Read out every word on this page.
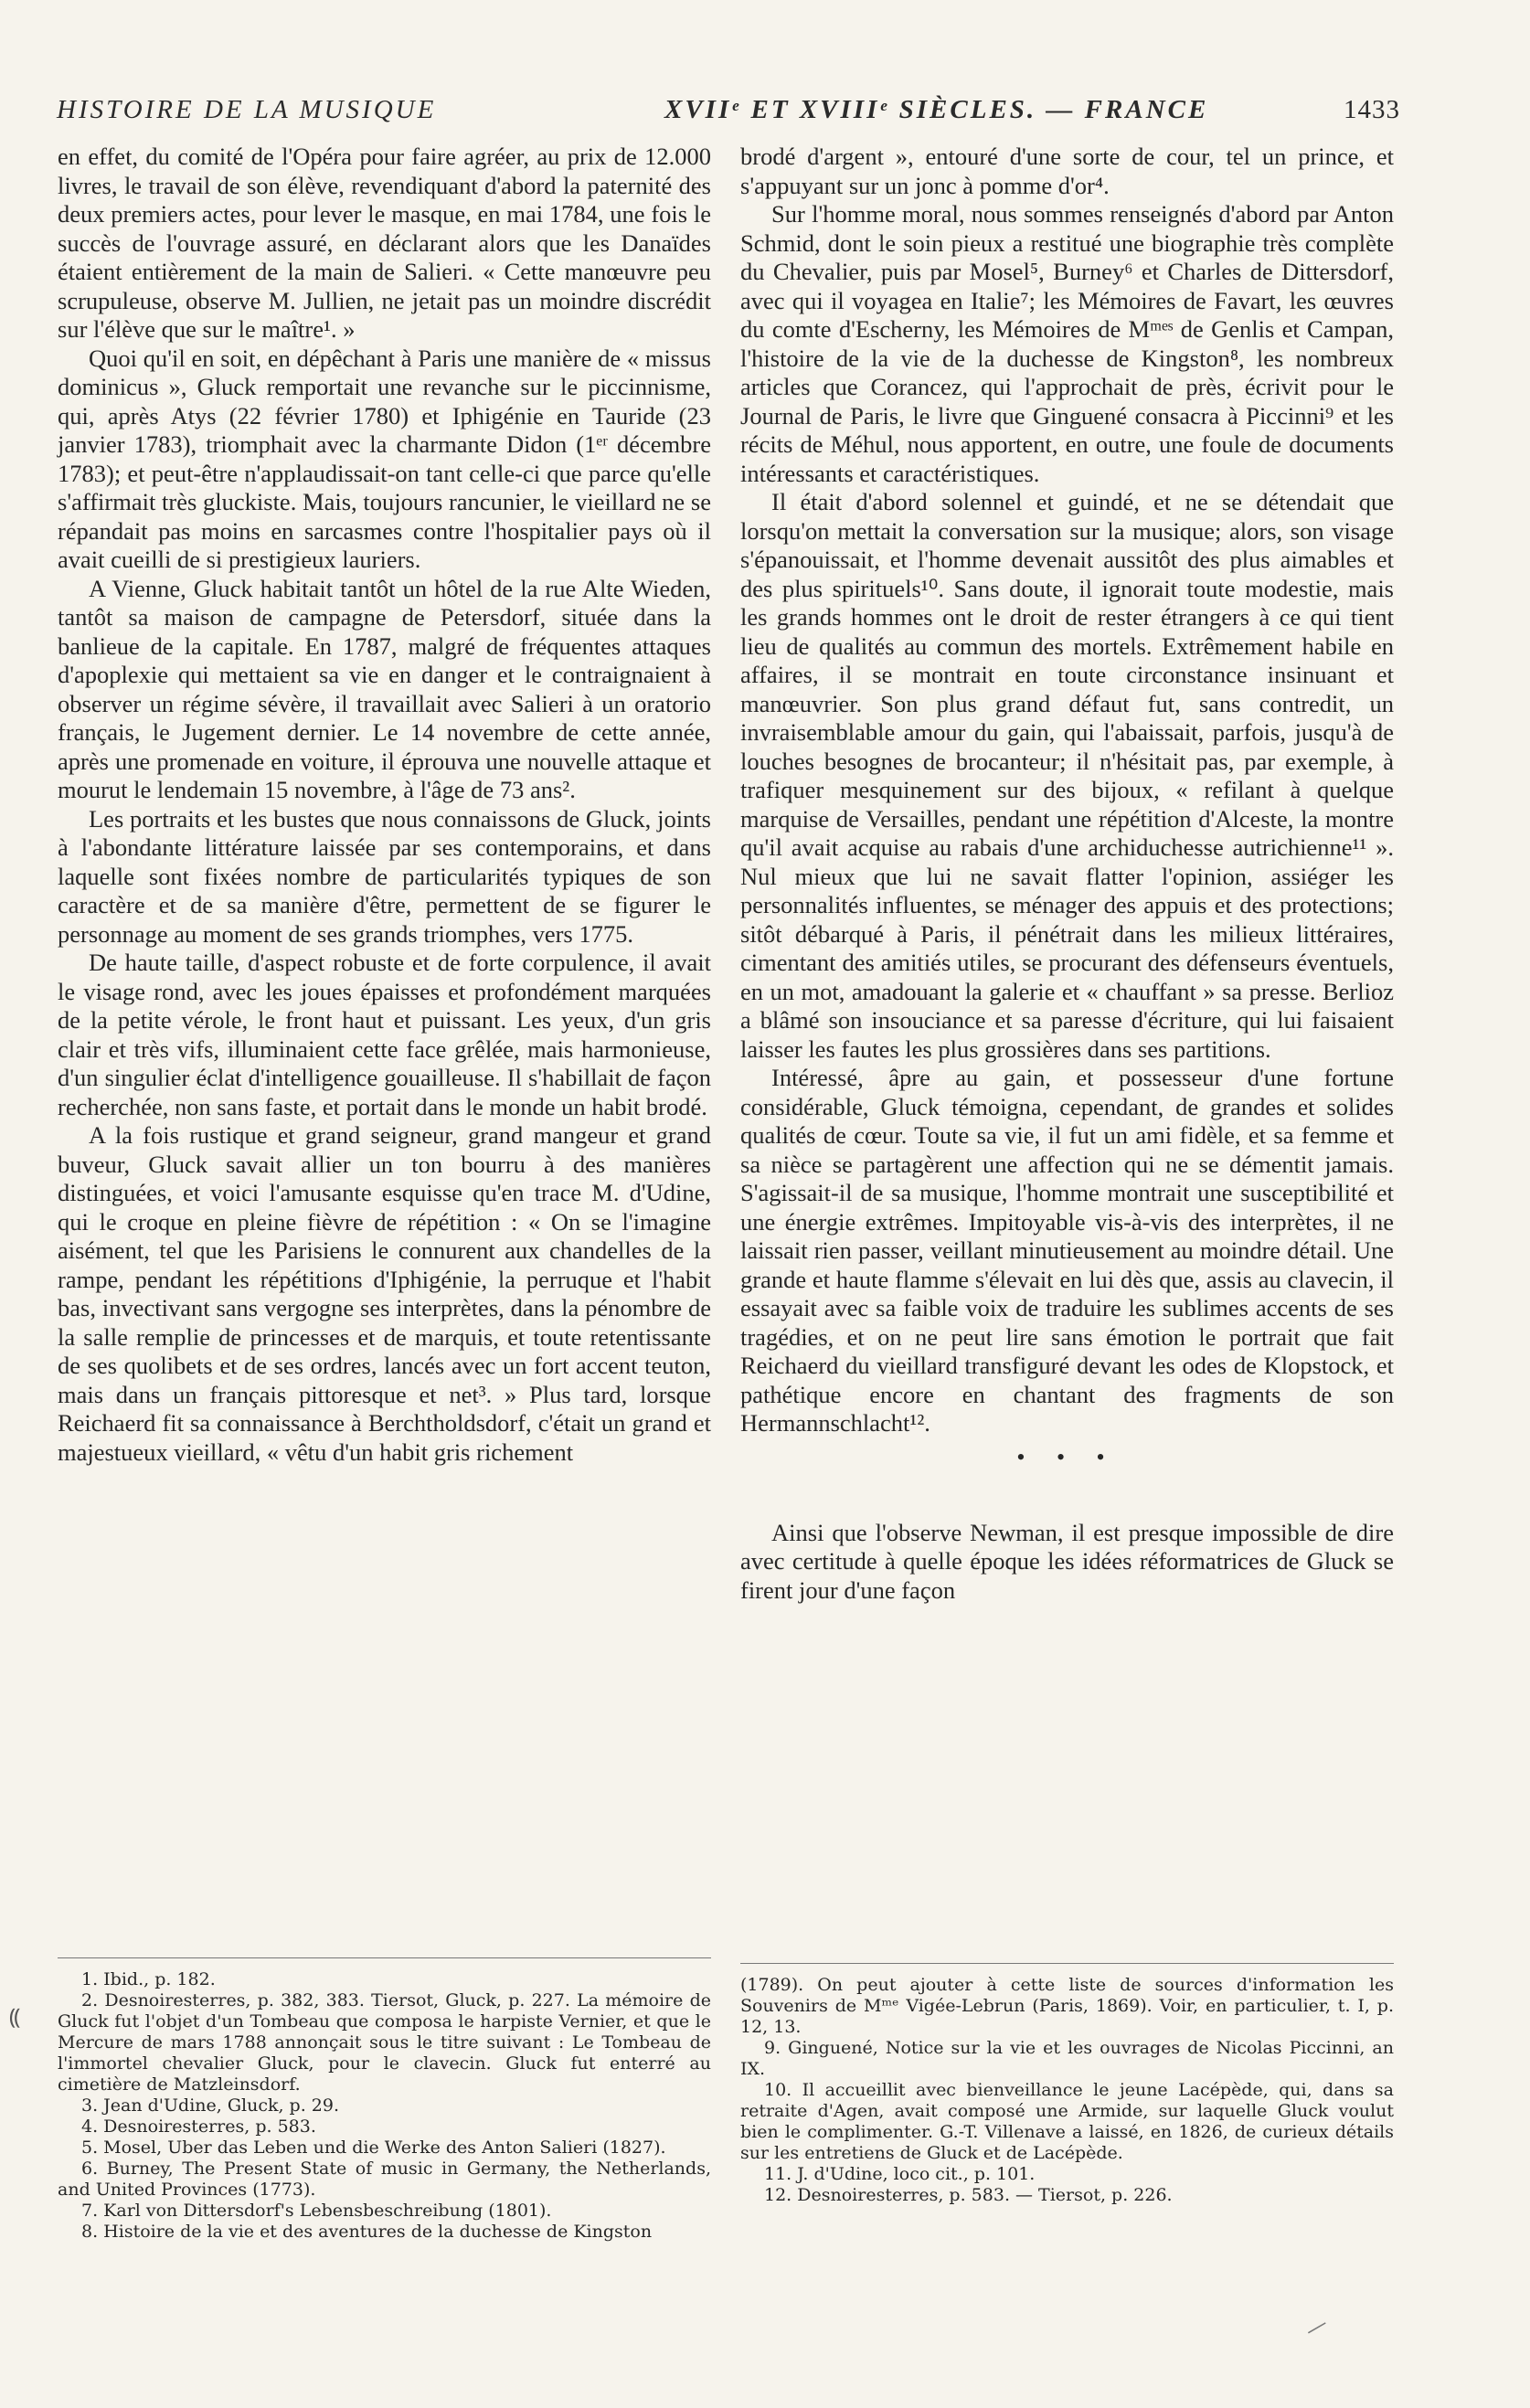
HISTOIRE DE LA MUSIQUE	XVIIᵉ ET XVIIIᵉ SIÈCLES. — FRANCE	1433

en effet, du comité de l'Opéra pour faire agréer, au prix de 12.000 livres, le travail de son élève, revendiquant d'abord la paternité des deux premiers actes, pour lever le masque, en mai 1784, une fois le succès de l'ouvrage assuré, en déclarant alors que les Danaïdes étaient entièrement de la main de Salieri. « Cette manœuvre peu scrupuleuse, observe M. Jullien, ne jetait pas un moindre discrédit sur l'élève que sur le maître¹. »

Quoi qu'il en soit, en dépêchant à Paris une manière de « missus dominicus », Gluck remportait une revanche sur le piccinnisme, qui, après Atys (22 février 1780) et Iphigénie en Tauride (23 janvier 1783), triomphait avec la charmante Didon (1ᵉʳ décembre 1783); et peut-être n'applaudissait-on tant celle-ci que parce qu'elle s'affirmait très gluckiste. Mais, toujours rancunier, le vieillard ne se répandait pas moins en sarcasmes contre l'hospitalier pays où il avait cueilli de si prestigieux lauriers.

A Vienne, Gluck habitait tantôt un hôtel de la rue Alte Wieden, tantôt sa maison de campagne de Petersdorf, située dans la banlieue de la capitale. En 1787, malgré de fréquentes attaques d'apoplexie qui mettaient sa vie en danger et le contraignaient à observer un régime sévère, il travaillait avec Salieri à un oratorio français, le Jugement dernier. Le 14 novembre de cette année, après une promenade en voiture, il éprouva une nouvelle attaque et mourut le lendemain 15 novembre, à l'âge de 73 ans².

Les portraits et les bustes que nous connaissons de Gluck, joints à l'abondante littérature laissée par ses contemporains, et dans laquelle sont fixées nombre de particularités typiques de son caractère et de sa manière d'être, permettent de se figurer le personnage au moment de ses grands triomphes, vers 1775.

De haute taille, d'aspect robuste et de forte corpulence, il avait le visage rond, avec les joues épaisses et profondément marquées de la petite vérole, le front haut et puissant. Les yeux, d'un gris clair et très vifs, illuminaient cette face grêlée, mais harmonieuse, d'un singulier éclat d'intelligence gouailleuse. Il s'habillait de façon recherchée, non sans faste, et portait dans le monde un habit brodé.

A la fois rustique et grand seigneur, grand mangeur et grand buveur, Gluck savait allier un ton bourru à des manières distinguées, et voici l'amusante esquisse qu'en trace M. d'Udine, qui le croque en pleine fièvre de répétition : « On se l'imagine aisément, tel que les Parisiens le connurent aux chandelles de la rampe, pendant les répétitions d'Iphigénie, la perruque et l'habit bas, invectivant sans vergogne ses interprètes, dans la pénombre de la salle remplie de princesses et de marquis, et toute retentissante de ses quolibets et de ses ordres, lancés avec un fort accent teuton, mais dans un français pittoresque et net³. » Plus tard, lorsque Reichaerd fit sa connaissance à Berchtholdsdorf, c'était un grand et majestueux vieillard, « vêtu d'un habit gris richement

1. Ibid., p. 182.

2. Desnoiresterres, p. 382, 383. Tiersot, Gluck, p. 227. La mémoire de Gluck fut l'objet d'un Tombeau que composa le harpiste Vernier, et que le Mercure de mars 1788 annonçait sous le titre suivant : Le Tombeau de l'immortel chevalier Gluck, pour le clavecin. Gluck fut enterré au cimetière de Matzleinsdorf.

3. Jean d'Udine, Gluck, p. 29.

4. Desnoiresterres, p. 583.

5. Mosel, Uber das Leben und die Werke des Anton Salieri (1827).

6. Burney, The Present State of music in Germany, the Netherlands, and United Provinces (1773).

7. Karl von Dittersdorf's Lebensbeschreibung (1801).

8. Histoire de la vie et des aventures de la duchesse de Kingston

brodé d'argent », entouré d'une sorte de cour, tel un prince, et s'appuyant sur un jonc à pomme d'or⁴.

Sur l'homme moral, nous sommes renseignés d'abord par Anton Schmid, dont le soin pieux a restitué une biographie très complète du Chevalier, puis par Mosel⁵, Burney⁶ et Charles de Dittersdorf, avec qui il voyagea en Italie⁷; les Mémoires de Favart, les œuvres du comte d'Escherny, les Mémoires de Mᵐᵉˢ de Genlis et Campan, l'histoire de la vie de la duchesse de Kingston⁸, les nombreux articles que Corancez, qui l'approchait de près, écrivit pour le Journal de Paris, le livre que Ginguené consacra à Piccinni⁹ et les récits de Méhul, nous apportent, en outre, une foule de documents intéressants et caractéristiques.

Il était d'abord solennel et guindé, et ne se détendait que lorsqu'on mettait la conversation sur la musique; alors, son visage s'épanouissait, et l'homme devenait aussitôt des plus aimables et des plus spirituels¹⁰. Sans doute, il ignorait toute modestie, mais les grands hommes ont le droit de rester étrangers à ce qui tient lieu de qualités au commun des mortels. Extrêmement habile en affaires, il se montrait en toute circonstance insinuant et manœuvrier. Son plus grand défaut fut, sans contredit, un invraisemblable amour du gain, qui l'abaissait, parfois, jusqu'à de louches besognes de brocanteur; il n'hésitait pas, par exemple, à trafiquer mesquinement sur des bijoux, « refilant à quelque marquise de Versailles, pendant une répétition d'Alceste, la montre qu'il avait acquise au rabais d'une archiduchesse autrichienne¹¹ ». Nul mieux que lui ne savait flatter l'opinion, assiéger les personnalités influentes, se ménager des appuis et des protections; sitôt débarqué à Paris, il pénétrait dans les milieux littéraires, cimentant des amitiés utiles, se procurant des défenseurs éventuels, en un mot, amadouant la galerie et « chauffant » sa presse. Berlioz a blâmé son insouciance et sa paresse d'écriture, qui lui faisaient laisser les fautes les plus grossières dans ses partitions.

Intéressé, âpre au gain, et possesseur d'une fortune considérable, Gluck témoigna, cependant, de grandes et solides qualités de cœur. Toute sa vie, il fut un ami fidèle, et sa femme et sa nièce se partagèrent une affection qui ne se démentit jamais. S'agissait-il de sa musique, l'homme montrait une susceptibilité et une énergie extrêmes. Impitoyable vis-à-vis des interprètes, il ne laissait rien passer, veillant minutieusement au moindre détail. Une grande et haute flamme s'élevait en lui dès que, assis au clavecin, il essayait avec sa faible voix de traduire les sublimes accents de ses tragédies, et on ne peut lire sans émotion le portrait que fait Reichaerd du vieillard transfiguré devant les odes de Klopstock, et pathétique encore en chantant des fragments de son Hermannschlacht¹².

• • •

Ainsi que l'observe Newman, il est presque impossible de dire avec certitude à quelle époque les idées réformatrices de Gluck se firent jour d'une façon

(1789). On peut ajouter à cette liste de sources d'information les Souvenirs de Mᵐᵉ Vigée-Lebrun (Paris, 1869). Voir, en particulier, t. I, p. 12, 13.

9. Ginguené, Notice sur la vie et les ouvrages de Nicolas Piccinni, an IX.

10. Il accueillit avec bienveillance le jeune Lacépède, qui, dans sa retraite d'Agen, avait composé une Armide, sur laquelle Gluck voulut bien le complimenter. G.-T. Villenave a laissé, en 1826, de curieux détails sur les entretiens de Gluck et de Lacépède.

11. J. d'Udine, loco cit., p. 101.

12. Desnoiresterres, p. 583. — Tiersot, p. 226.

⸨
—
